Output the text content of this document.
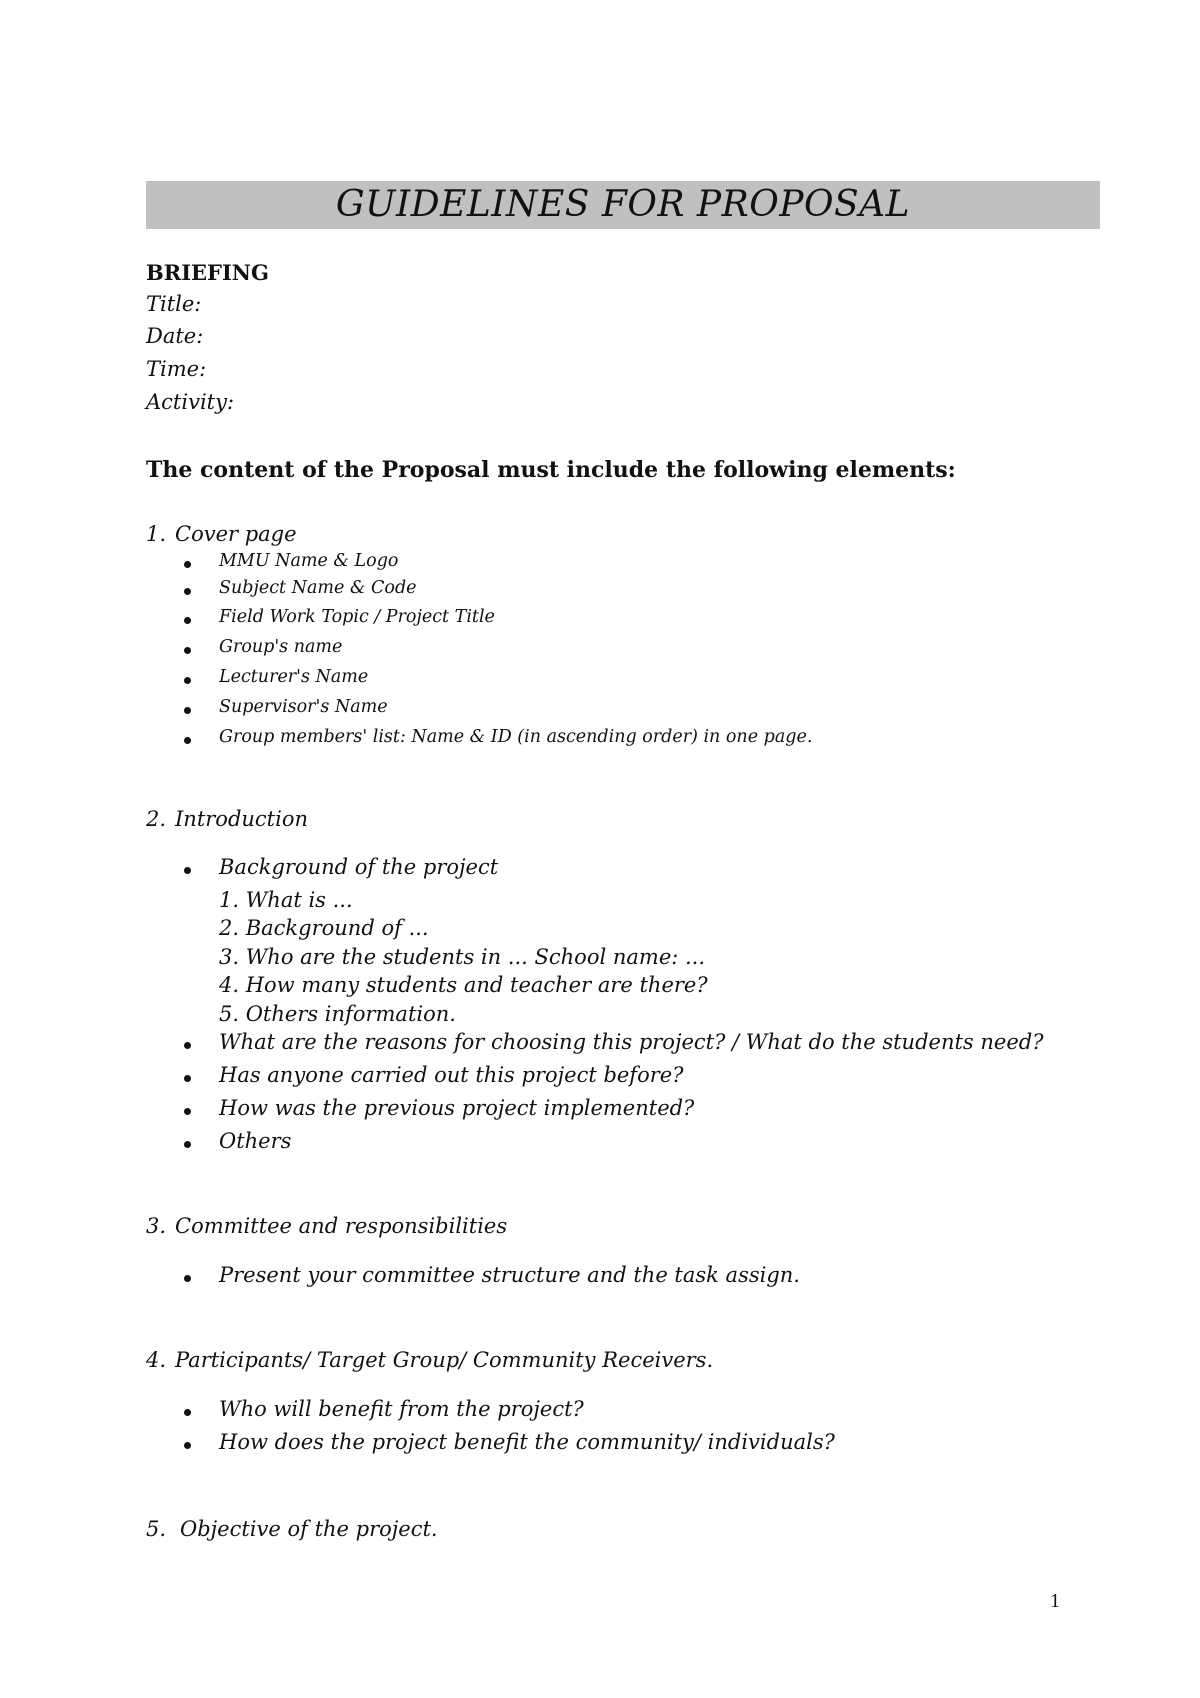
GUIDELINES FOR PROPOSAL
BRIEFING
Title:
Date:
Time:
Activity:
The content of the Proposal must include the following elements:
1. Cover page
MMU Name & Logo
Subject Name & Code
Field Work Topic / Project Title
Group's name
Lecturer's Name
Supervisor's Name
Group members' list: Name & ID (in ascending order) in one page.
2. Introduction
Background of the project
1. What is ...
2. Background of ...
3. Who are the students in ... School name: ...
4. How many students and teacher are there?
5. Others information.
What are the reasons for choosing this project? / What do the students need?
Has anyone carried out this project before?
How was the previous project implemented?
Others
3. Committee and responsibilities
Present your committee structure and the task assign.
4. Participants/ Target Group/ Community Receivers.
Who will benefit from the project?
How does the project benefit the community/ individuals?
5. Objective of the project.
1
